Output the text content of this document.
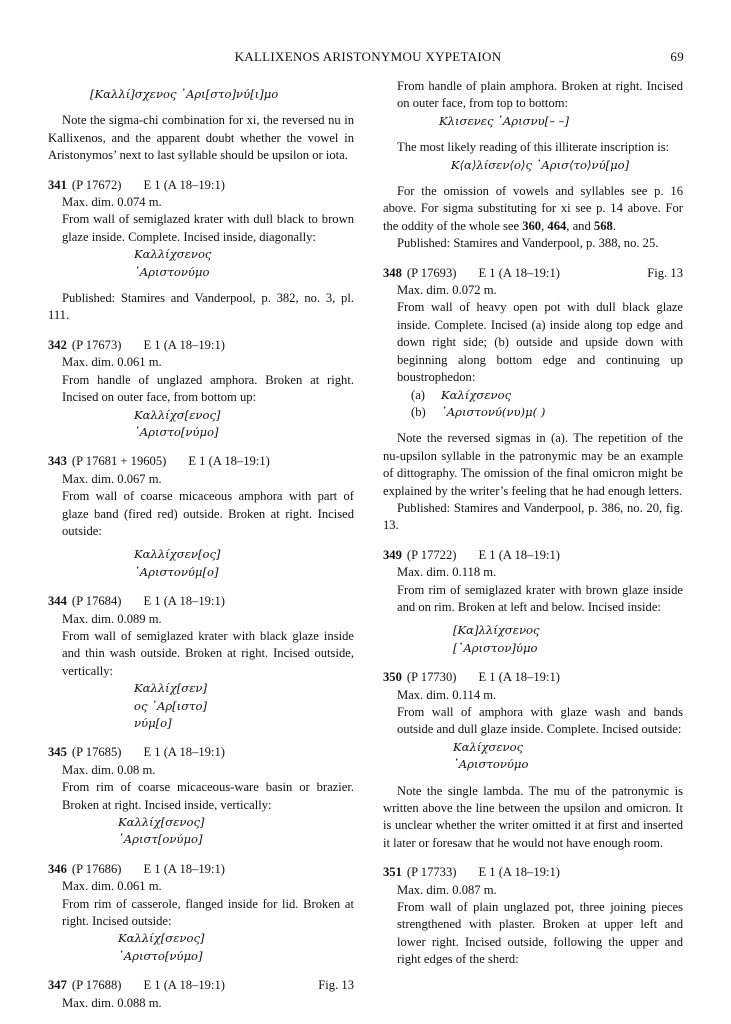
KALLIXENOS ARISTONYMOU XYPETAION	69
[Καλλί]σχενος ᾿Αρι[στο]νύ[ι]μο

Note the sigma-chi combination for xi, the reversed nu in Kallixenos, and the apparent doubt whether the vowel in Aristonymos’ next to last syllable should be upsilon or iota.

341 (P 17672) E 1 (A 18–19:1)

Max. dim. 0.074 m.

From wall of semiglazed krater with dull black to brown glaze inside. Complete. Incised inside, diagonally:

Καλλίχσενος
᾿Αριστονύμο

Published: Stamires and Vanderpool, p. 382, no. 3, pl. 111.

342 (P 17673) E 1 (A 18–19:1)

Max. dim. 0.061 m.

From handle of unglazed amphora. Broken at right. Incised on outer face, from bottom up:

Καλλίχσ[ενος]
᾿Αριστο[νύμο]
343 (P 17681 + 19605) E 1 (A 18–19:1)

Max. dim. 0.067 m.

From wall of coarse micaceous amphora with part of glaze band (fired red) outside. Broken at right. Incised outside:

Καλλίχσεν[ος]
᾿Αριστονύμ[ο]
344 (P 17684) E 1 (A 18–19:1)

Max. dim. 0.089 m.

From wall of semiglazed krater with black glaze inside and thin wash outside. Broken at right. Incised outside, vertically:

Καλλίχ[σεν]
ος ᾿Αρ[ιστο]
νύμ[ο]
345 (P 17685) E 1 (A 18–19:1)

Max. dim. 0.08 m.

From rim of coarse micaceous-ware basin or brazier. Broken at right. Incised inside, vertically:

Καλλίχ[σενος]
᾿Αριστ[ονύμο]
346 (P 17686) E 1 (A 18–19:1)

Max. dim. 0.061 m.

From rim of casserole, flanged inside for lid. Broken at right. Incised outside:

Καλλίχ[σενος]
᾿Αριστο[νύμο]
347 (P 17688) E 1 (A 18–19:1)	Fig. 13

Max. dim. 0.088 m.

From handle of plain amphora. Broken at right. Incised on outer face, from top to bottom:

Κλισενες ᾿Αρισνυ[– –]

The most likely reading of this illiterate inscription is:

Κ⟨α⟩λίσεν⟨ο⟩ς ᾿Αρισ⟨το⟩νύ[μο]

For the omission of vowels and syllables see p. 16 above. For sigma substituting for xi see p. 14 above. For the oddity of the whole see 360, 464, and 568.

Published: Stamires and Vanderpool, p. 388, no. 25.

348 (P 17693) E 1 (A 18–19:1)	Fig. 13

Max. dim. 0.072 m.

From wall of heavy open pot with dull black glaze inside. Complete. Incised (a) inside along top edge and down right side; (b) outside and upside down with beginning along bottom edge and continuing up boustrophedon:

(a) Καλίχσενος
(b) ᾿Αριστονύ(νυ)μ( )

Note the reversed sigmas in (a). The repetition of the nu-upsilon syllable in the patronymic may be an example of dittography. The omission of the final omicron might be explained by the writer’s feeling that he had enough letters.

Published: Stamires and Vanderpool, p. 386, no. 20, fig. 13.

349 (P 17722) E 1 (A 18–19:1)

Max. dim. 0.118 m.

From rim of semiglazed krater with brown glaze inside and on rim. Broken at left and below. Incised inside:

[Κα]λλίχσενος
[᾿Αριστον]ύμο
350 (P 17730) E 1 (A 18–19:1)

Max. dim. 0.114 m.

From wall of amphora with glaze wash and bands outside and dull glaze inside. Complete. Incised outside:

Καλίχσενος
᾿Αριστονύμο

Note the single lambda. The mu of the patronymic is written above the line between the upsilon and omicron. It is unclear whether the writer omitted it at first and inserted it later or foresaw that he would not have enough room.

351 (P 17733) E 1 (A 18–19:1)

Max. dim. 0.087 m.

From wall of plain unglazed pot, three joining pieces strengthened with plaster. Broken at upper left and lower right. Incised outside, following the upper and right edges of the sherd:
